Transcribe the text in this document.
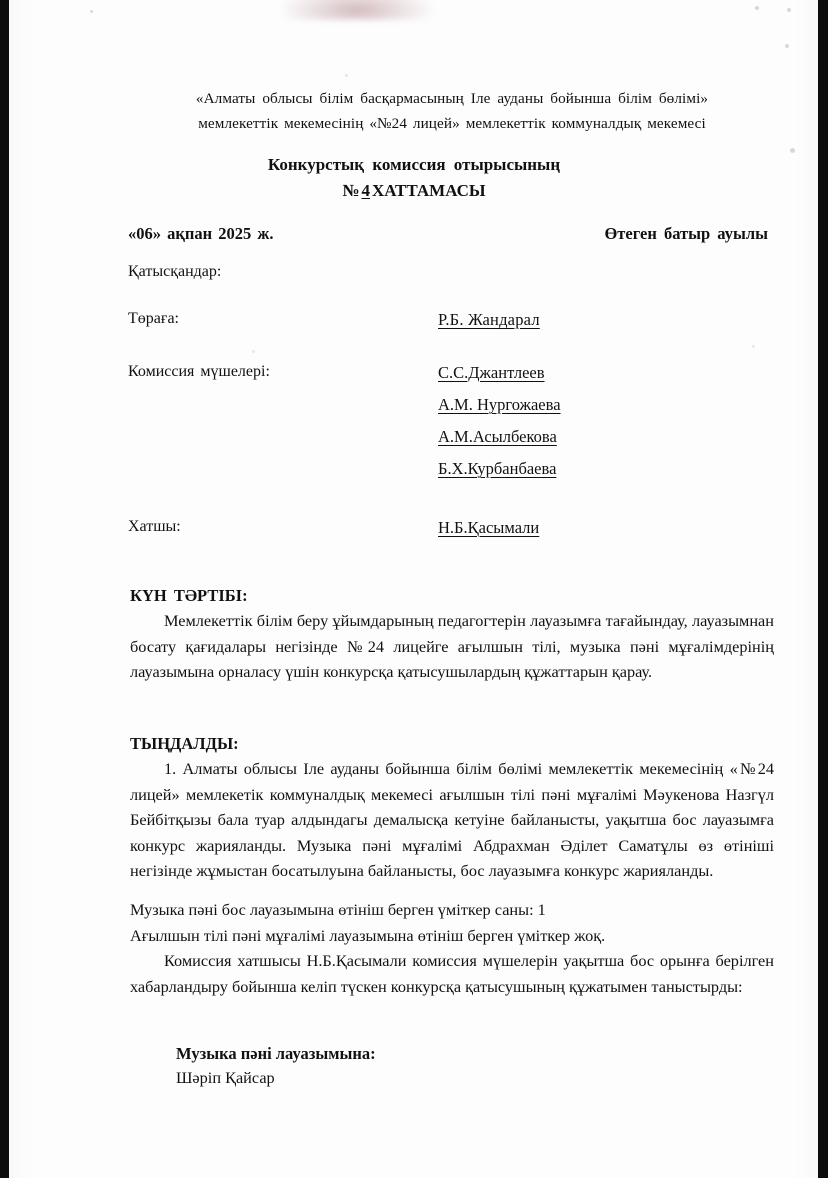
«Алматы облысы білім басқармасының Іле ауданы бойынша білім бөлімі»
мемлекеттік мекемесінің «№24 лицей» мемлекеттік коммуналдық мекемесі
Конкурстық комиссия отырысының
№ 4 ХАТТАМАСЫ
«06» ақпан 2025 ж.	Өтеген батыр ауылы
Қатысқандар:
Төраға:	Р.Б. Жандарал
Комиссия мүшелері:	С.С.Джантлеев
А.М. Нургожаева
А.М.Асылбекова
Б.Х.Курбанбаева
Хатшы:	Н.Б.Қасымали
КҮН ТӘРТІБІ:

Мемлекеттік білім беру ұйымдарының педагогтерін лауазымға тағайындау, лауазымнан босату қағидалары негізінде №24 лицейге ағылшын тілі, музыка пәні мұғалімдерінің лауазымына орналасу үшін конкурсқа қатысушылардың құжаттарын қарау.

ТЫҢДАЛДЫ:

1. Алматы облысы Іле ауданы бойынша білім бөлімі мемлекеттік мекемесінің «№24 лицей» мемлекетік коммуналдық мекемесі ағылшын тілі пәні мұғалімі Мәукенова Назгүл Бейбітқызы бала туар алдындагы демалысқа кетуіне байланысты, уақытша бос лауазымға конкурс жарияланды. Музыка пәні мұғалімі Абдрахман Әділет Саматұлы өз өтініші негізінде жұмыстан босатылуына байланысты, бос лауазымға конкурс жарияланды.

Музыка пәні бос лауазымына өтініш берген үміткер саны: 1

Ағылшын тілі пәні мұғалімі лауазымына өтініш берген үміткер жоқ.

Комиссия хатшысы Н.Б.Қасымали комиссия мүшелерін уақытша бос орынға берілген хабарландыру бойынша келіп түскен конкурсқа қатысушының құжатымен таныстырды:

Музыка пәні лауазымына:
Шәріп Қайсар
